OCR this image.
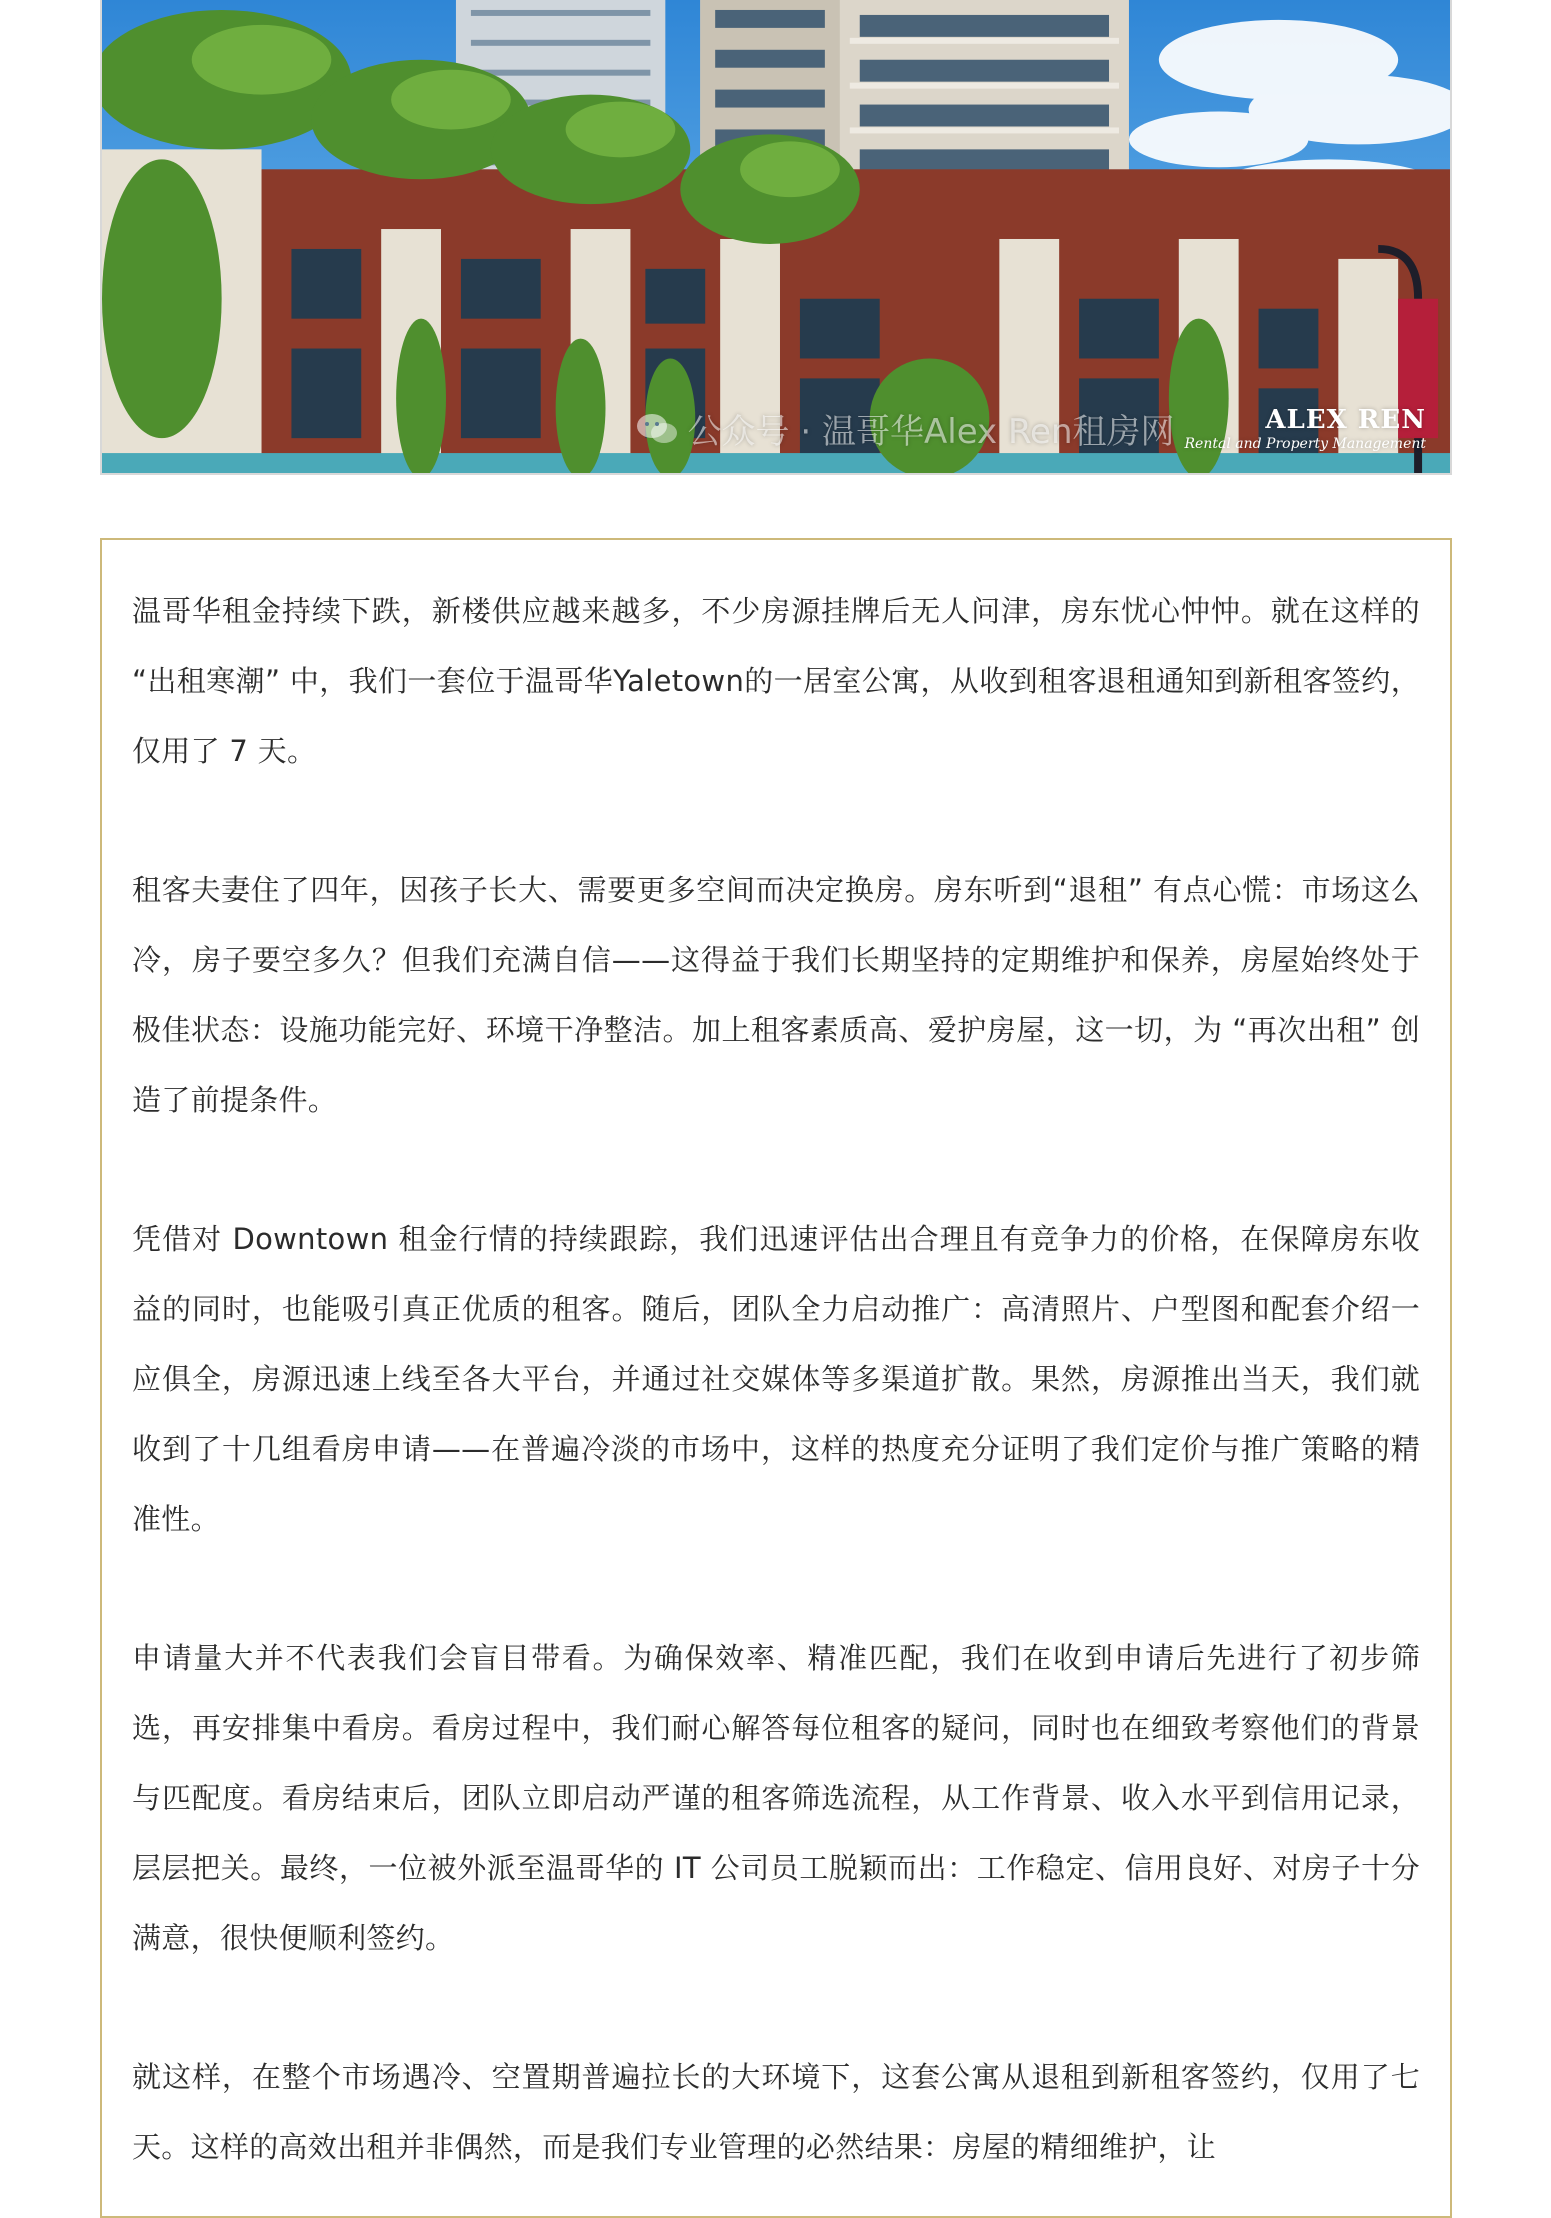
公众号 · 温哥华Alex Ren租房网	ALEX REN
Rental and Property Management

温哥华租金持续下跌，新楼供应越来越多，不少房源挂牌后无人问津，房东忧心忡忡。就在这样的 “出租寒潮” 中，我们一套位于温哥华Yaletown的一居室公寓，从收到租客退租通知到新租客签约，仅用了 7 天。

租客夫妻住了四年，因孩子长大、需要更多空间而决定换房。房东听到“退租” 有点心慌：市场这么冷，房子要空多久？但我们充满自信——这得益于我们长期坚持的定期维护和保养，房屋始终处于极佳状态：设施功能完好、环境干净整洁。加上租客素质高、爱护房屋，这一切，为 “再次出租” 创造了前提条件。

凭借对 Downtown 租金行情的持续跟踪，我们迅速评估出合理且有竞争力的价格，在保障房东收益的同时，也能吸引真正优质的租客。随后，团队全力启动推广：高清照片、户型图和配套介绍一应俱全，房源迅速上线至各大平台，并通过社交媒体等多渠道扩散。果然，房源推出当天，我们就收到了十几组看房申请——在普遍冷淡的市场中，这样的热度充分证明了我们定价与推广策略的精准性。

申请量大并不代表我们会盲目带看。为确保效率、精准匹配，我们在收到申请后先进行了初步筛选，再安排集中看房。看房过程中，我们耐心解答每位租客的疑问，同时也在细致考察他们的背景与匹配度。看房结束后，团队立即启动严谨的租客筛选流程，从工作背景、收入水平到信用记录，层层把关。最终，一位被外派至温哥华的 IT 公司员工脱颖而出：工作稳定、信用良好、对房子十分满意，很快便顺利签约。

就这样，在整个市场遇冷、空置期普遍拉长的大环境下，这套公寓从退租到新租客签约，仅用了七天。这样的高效出租并非偶然，而是我们专业管理的必然结果：房屋的精细维护，让
